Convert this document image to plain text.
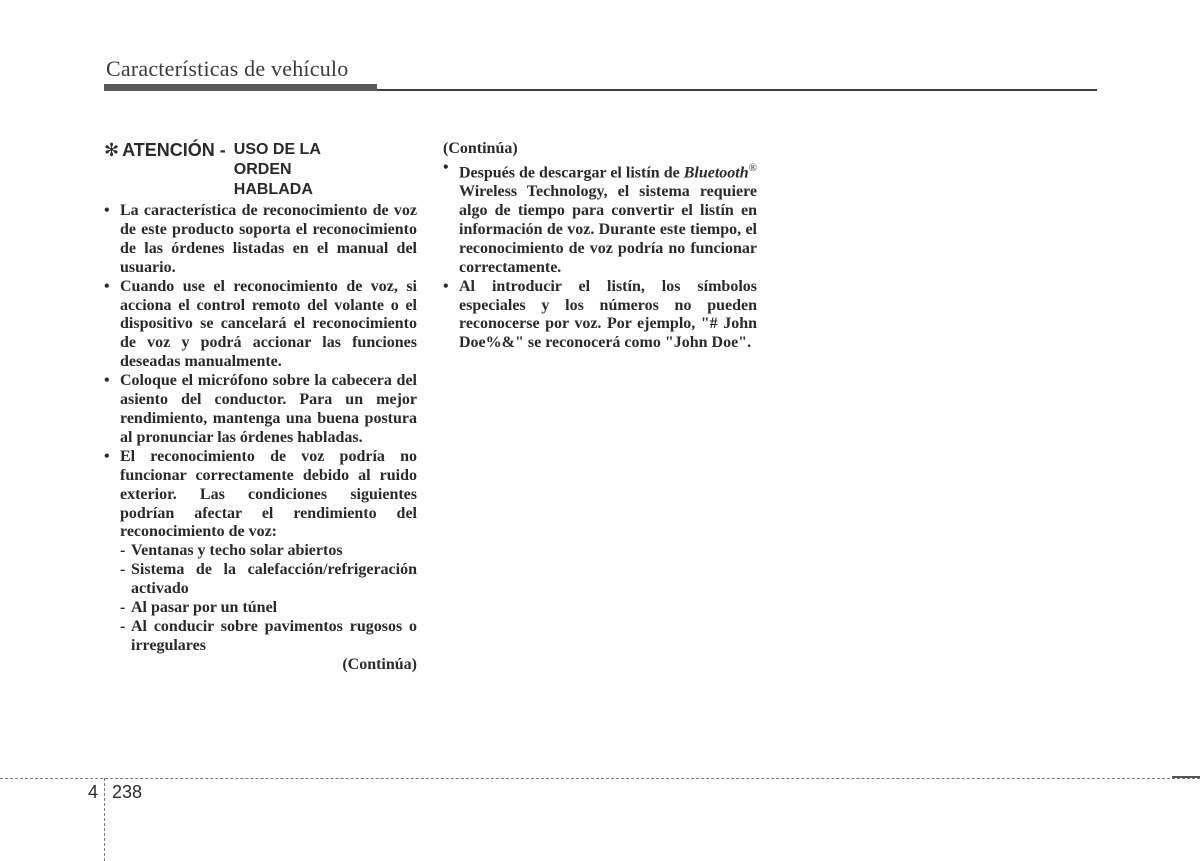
Características de vehículo
✻ ATENCIÓN - USO DE LA ORDEN HABLADA
• La característica de reconocimiento de voz de este producto soporta el reconocimiento de las órdenes listadas en el manual del usuario.
• Cuando use el reconocimiento de voz, si acciona el control remoto del volante o el dispositivo se cancelará el reconocimiento de voz y podrá accionar las funciones deseadas manualmente.
• Coloque el micrófono sobre la cabecera del asiento del conductor. Para un mejor rendimiento, mantenga una buena postura al pronunciar las órdenes habladas.
• El reconocimiento de voz podría no funcionar correctamente debido al ruido exterior. Las condiciones siguientes podrían afectar el rendimiento del reconocimiento de voz:
- Ventanas y techo solar abiertos
- Sistema de la calefacción/refrigeración activado
- Al pasar por un túnel
- Al conducir sobre pavimentos rugosos o irregulares
(Continúa)
(Continúa)
• Después de descargar el listín de Bluetooth® Wireless Technology, el sistema requiere algo de tiempo para convertir el listín en información de voz. Durante este tiempo, el reconocimiento de voz podría no funcionar correctamente.
• Al introducir el listín, los símbolos especiales y los números no pueden reconocerse por voz. Por ejemplo, "# John Doe%&" se reconocerá como "John Doe".
4 238
